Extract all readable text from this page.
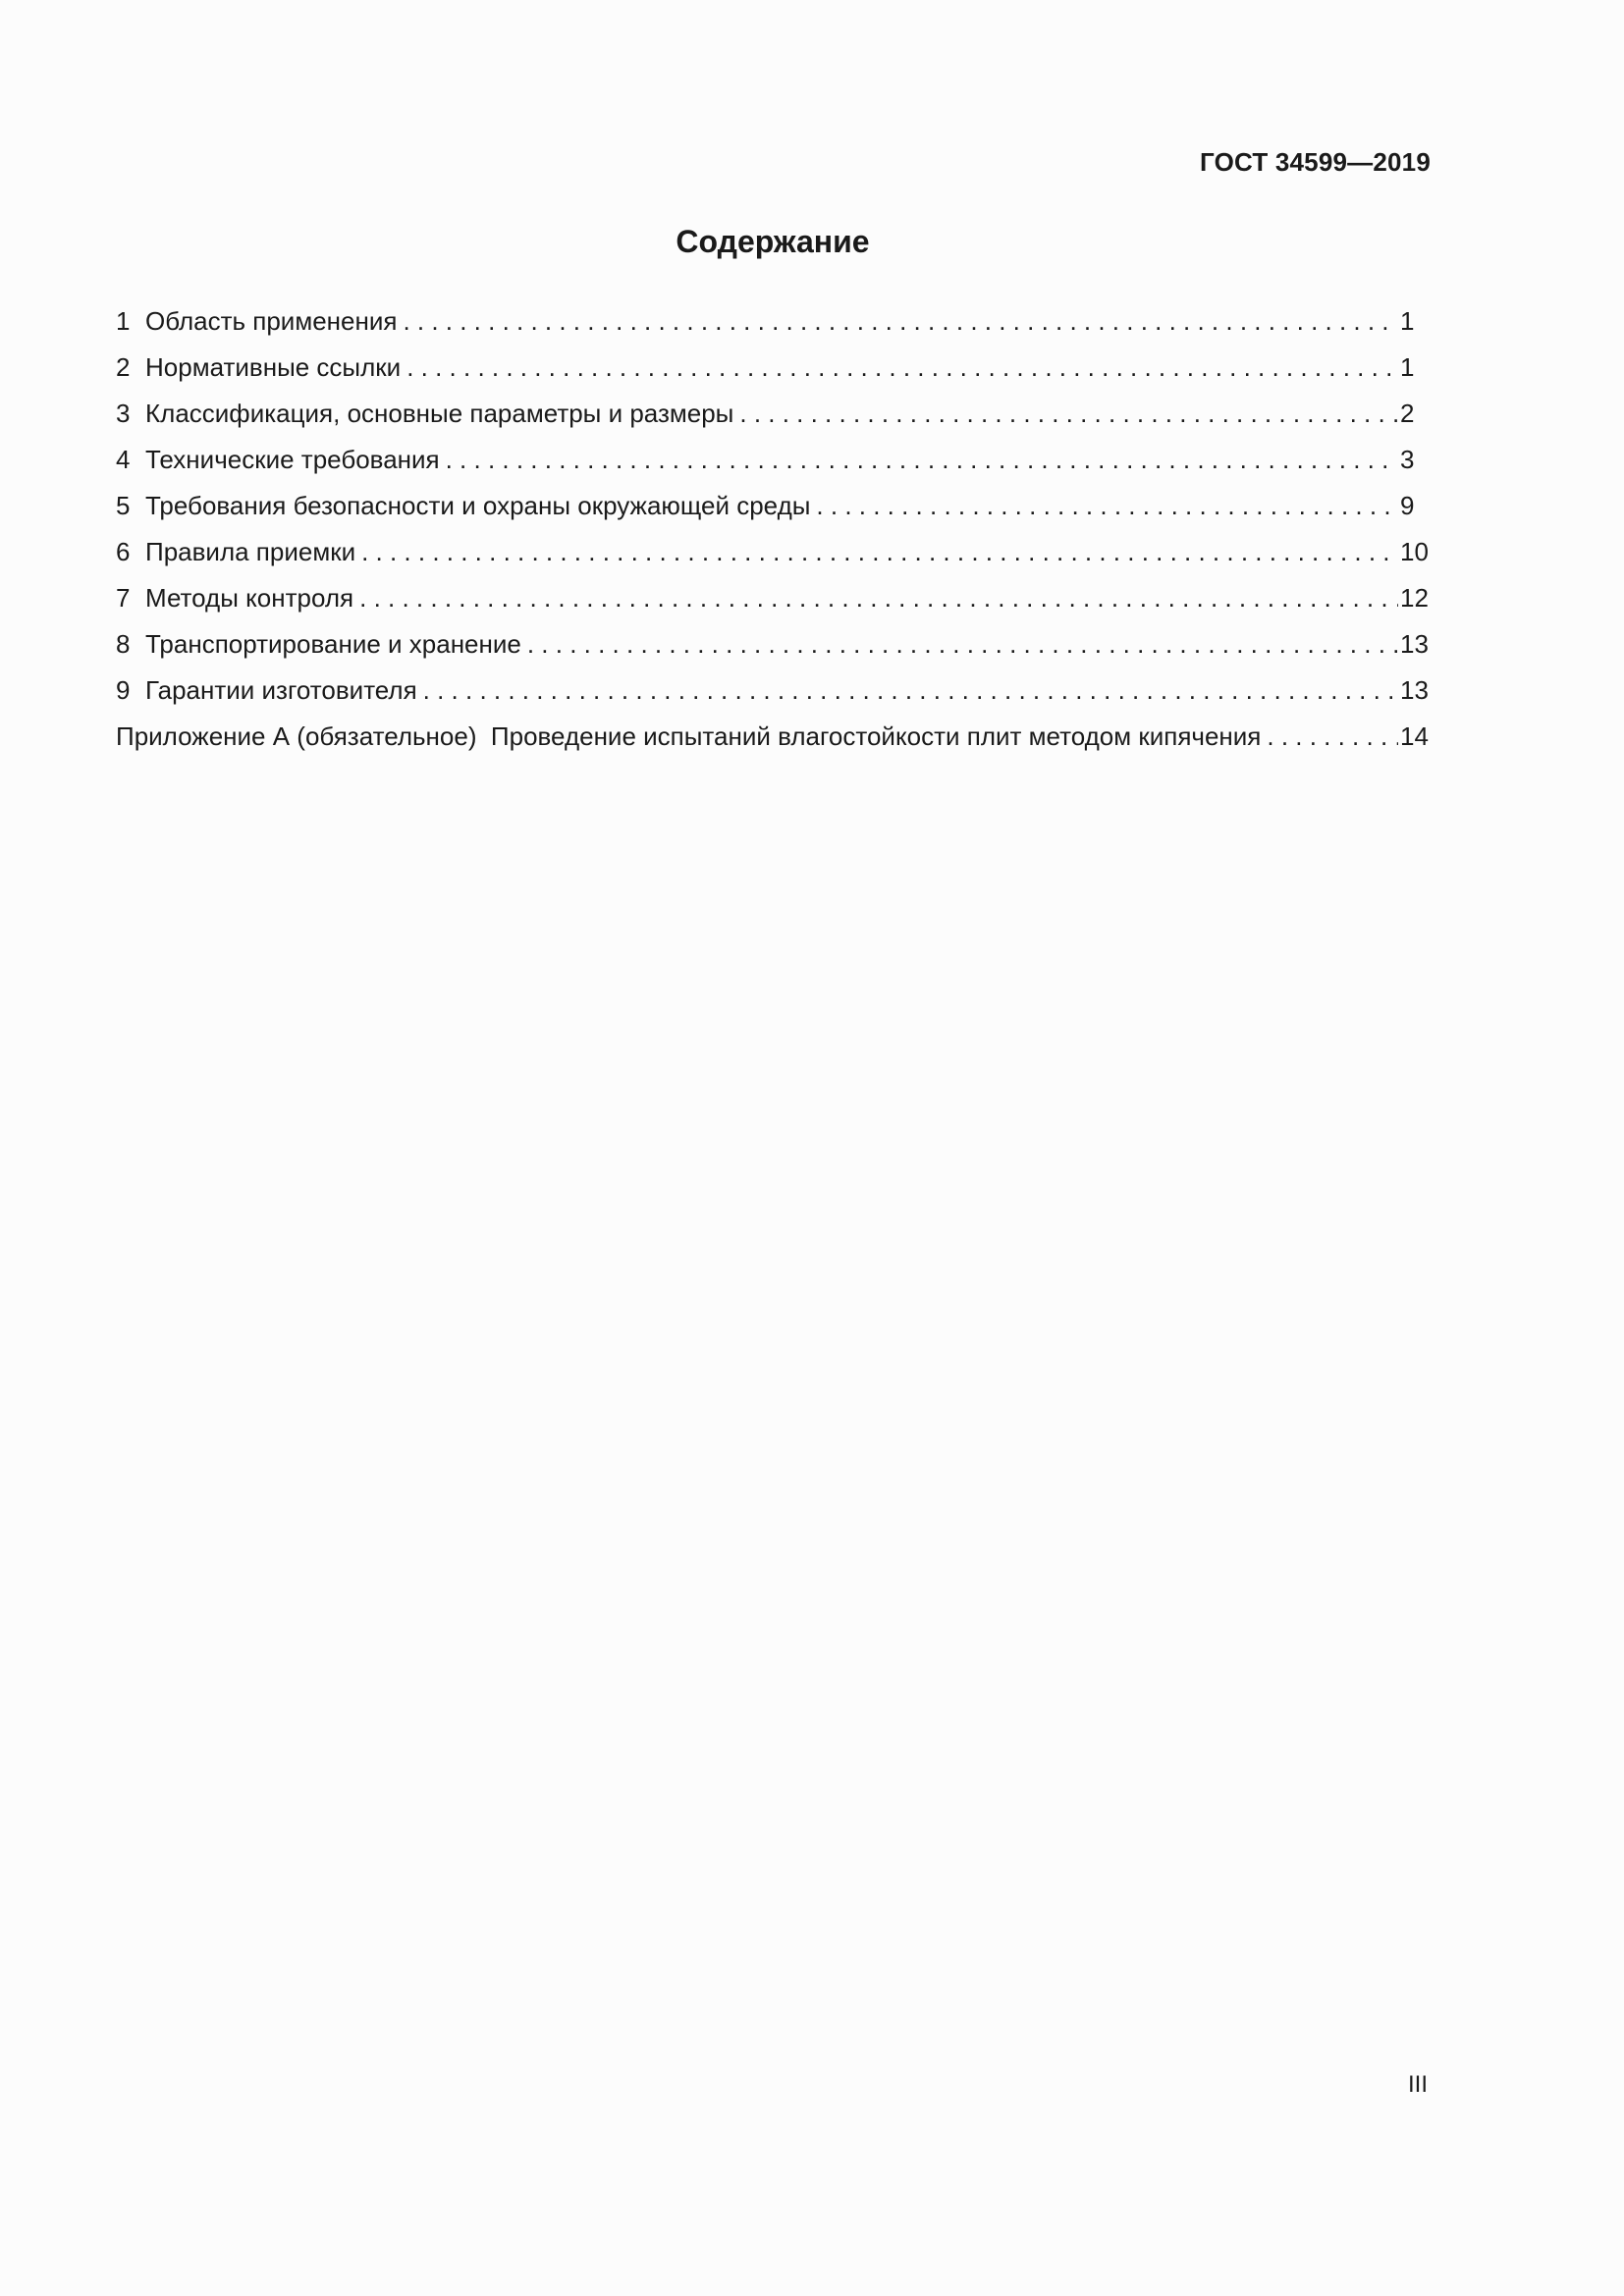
ГОСТ 34599—2019
Содержание
1 Область применения . . .	1
2 Нормативные ссылки . . .	1
3 Классификация, основные параметры и размеры . . .	2
4 Технические требования . . .	3
5 Требования безопасности и охраны окружающей среды . . .	9
6 Правила приемки . . .	10
7 Методы контроля . . .	12
8 Транспортирование и хранение . . .	13
9 Гарантии изготовителя . . .	13
Приложение А (обязательное)  Проведение испытаний влагостойкости плит методом кипячения . . .	14
III
